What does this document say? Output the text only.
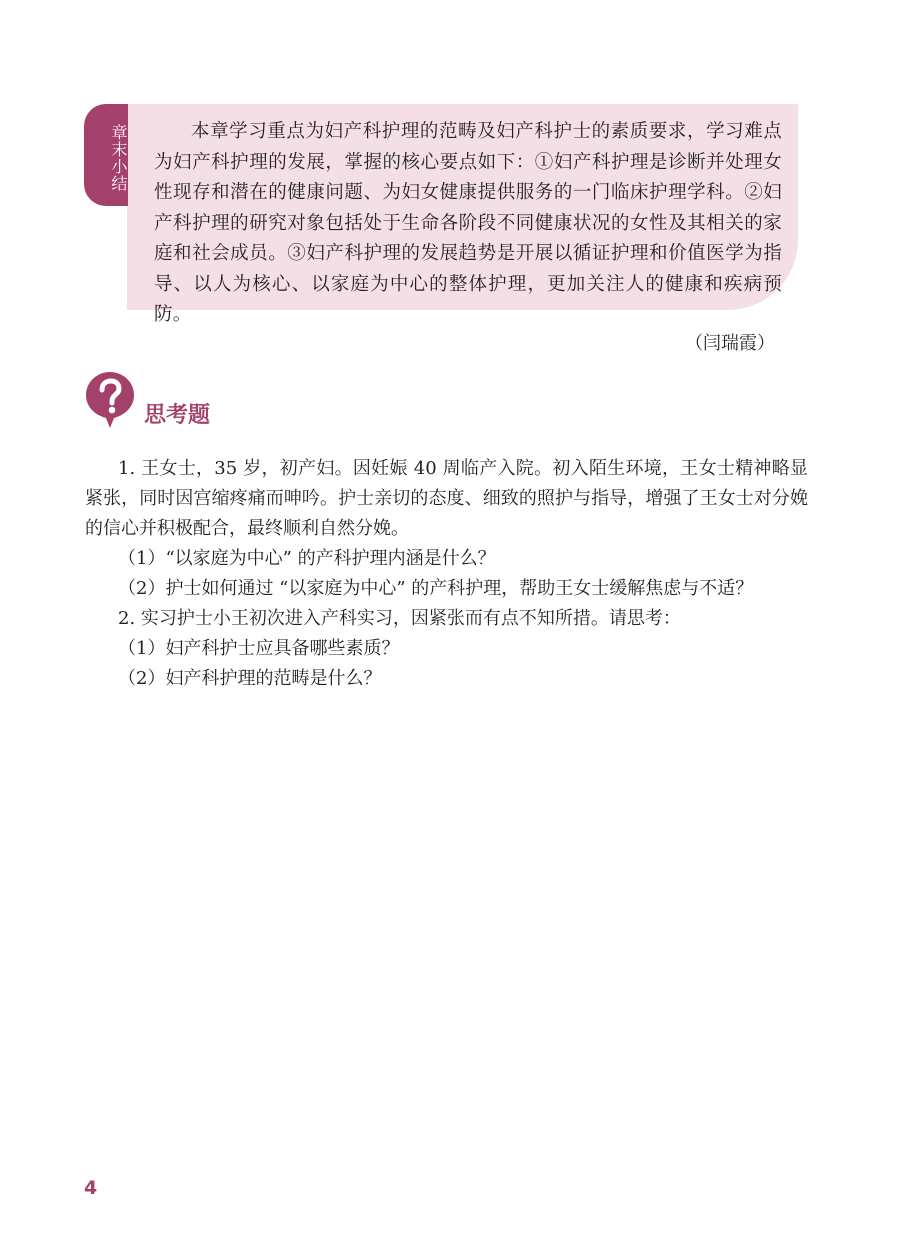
章末小结	本章学习重点为妇产科护理的范畴及妇产科护士的素质要求，学习难点为妇产科护理的发展，掌握的核心要点如下：①妇产科护理是诊断并处理女性现存和潜在的健康问题、为妇女健康提供服务的一门临床护理学科。②妇产科护理的研究对象包括处于生命各阶段不同健康状况的女性及其相关的家庭和社会成员。③妇产科护理的发展趋势是开展以循证护理和价值医学为指导、以人为核心、以家庭为中心的整体护理，更加关注人的健康和疾病预防。

（闫瑞霞）
思考题

1. 王女士，35 岁，初产妇。因妊娠 40 周临产入院。初入陌生环境，王女士精神略显紧张，同时因宫缩疼痛而呻吟。护士亲切的态度、细致的照护与指导，增强了王女士对分娩的信心并积极配合，最终顺利自然分娩。

（1）“以家庭为中心” 的产科护理内涵是什么？

（2）护士如何通过 “以家庭为中心” 的产科护理，帮助王女士缓解焦虑与不适？

2. 实习护士小王初次进入产科实习，因紧张而有点不知所措。请思考：

（1）妇产科护士应具备哪些素质？

（2）妇产科护理的范畴是什么？

4
